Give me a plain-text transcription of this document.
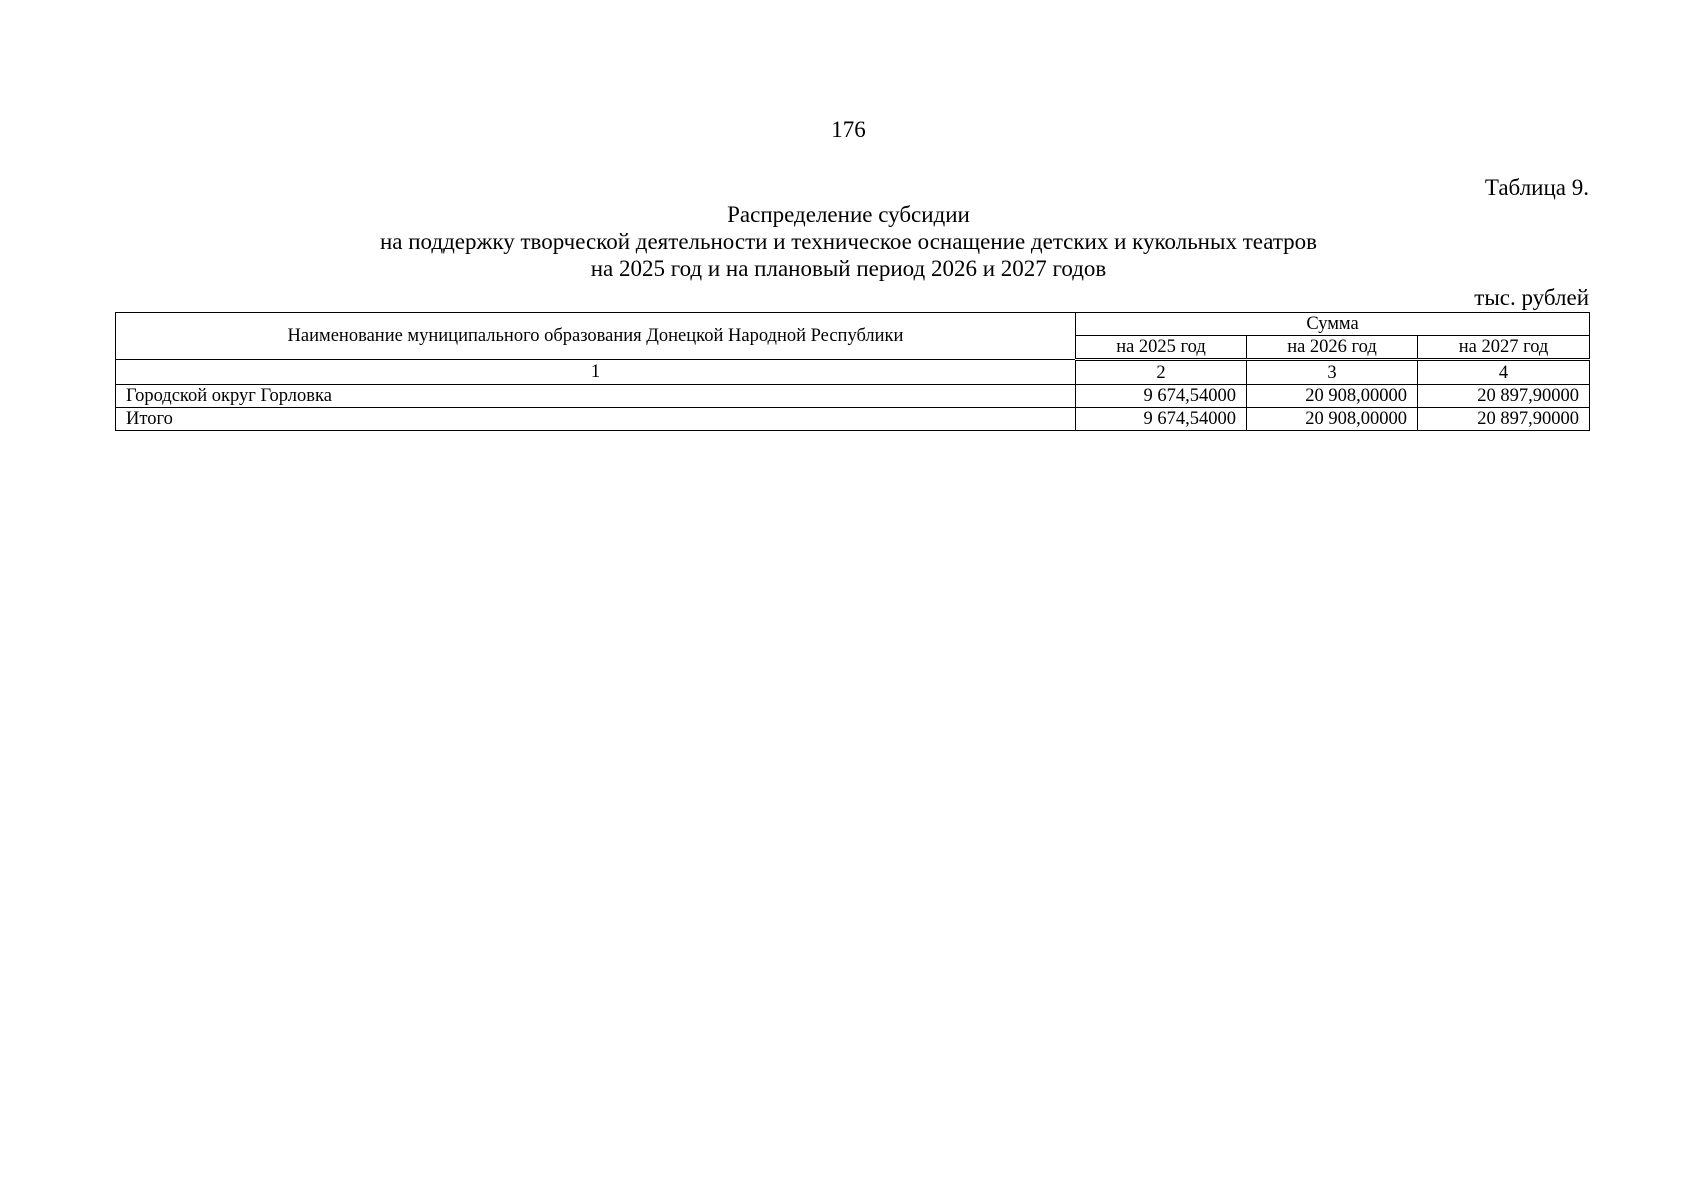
176
Таблица 9.
Распределение субсидии
на поддержку творческой деятельности и техническое оснащение детских и кукольных театров
на 2025 год и на плановый период 2026 и 2027 годов
тыс. рублей
Наименование муниципального образования Донецкой Народной Республики	Сумма		
	на 2025 год	на 2026 год	на 2027 год
1	2	3	4
Городской округ Горловка	9 674,54000	20 908,00000	20 897,90000
Итого	9 674,54000	20 908,00000	20 897,90000
